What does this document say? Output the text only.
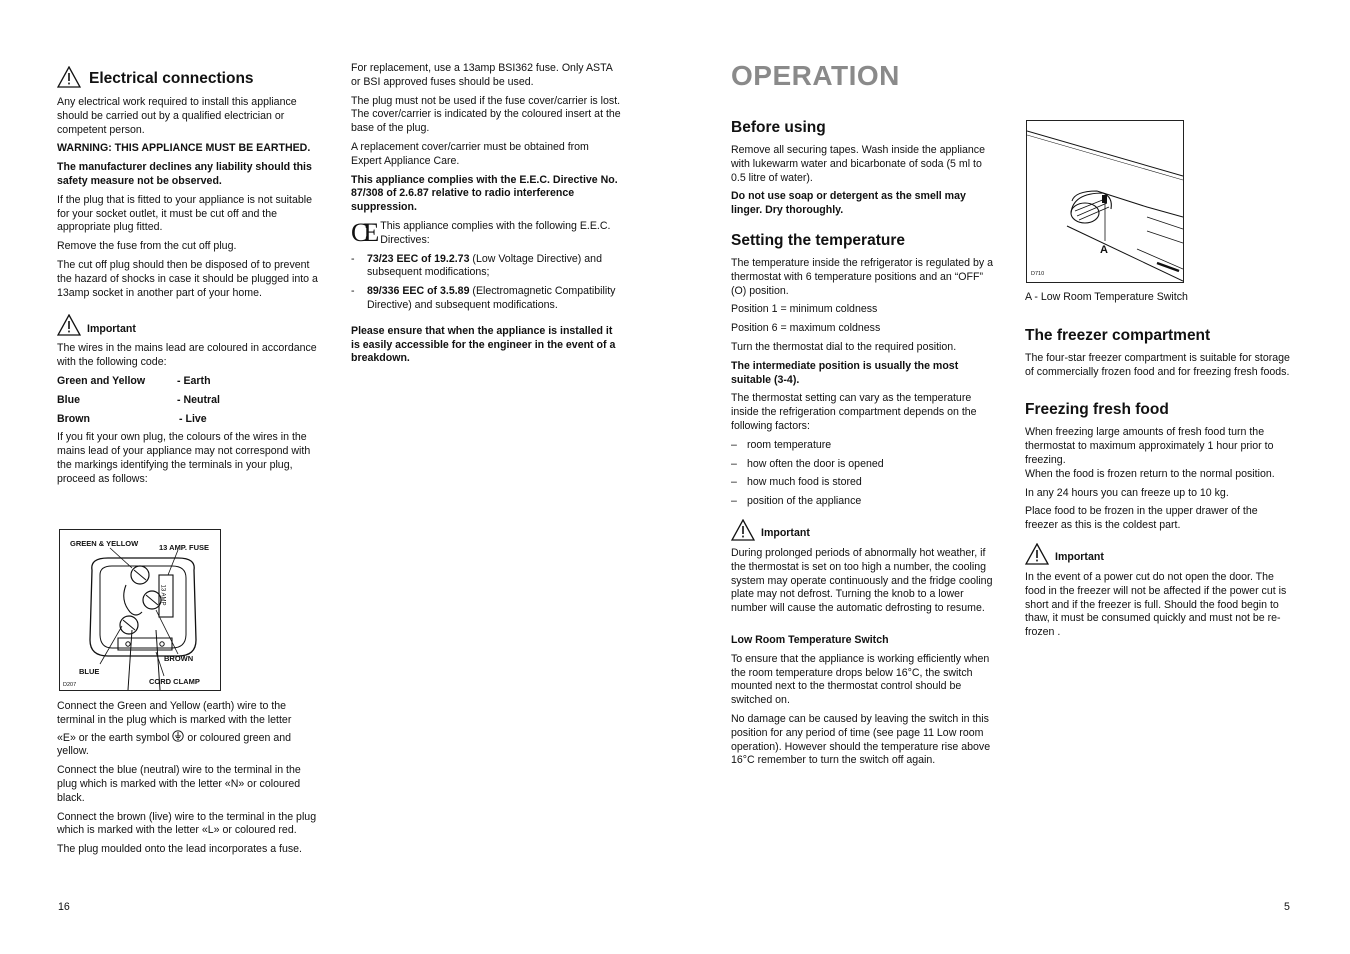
Electrical connections

Any electrical work required to install this appliance should be carried out by a qualified electrician or competent person.

WARNING: THIS APPLIANCE MUST BE EARTHED.

The manufacturer declines any liability should this safety measure not be observed.

If the plug that is fitted to your appliance is not suitable for your socket outlet, it must be cut off and the appropriate plug fitted.

Remove the fuse from the cut off plug.

The cut off plug should then be disposed of to prevent the hazard of shocks in case it should be plugged into a 13amp socket in another part of your home.

Important

The wires in the mains lead are coloured in accordance with the following code:

Green and Yellow	- Earth
Blue	- Neutral
Brown	- Live

If you fit your own plug, the colours of the wires in the mains lead of your appliance may not correspond with the markings identifying the terminals in your plug, proceed as follows:

GREEN & YELLOW	13 AMP. FUSE
13 AMP
BLUE
BROWN
CORD CLAMP
D207

Connect the Green and Yellow (earth) wire to the terminal in the plug which is marked with the letter

«E» or the earth symbol or coloured green and yellow.

Connect the blue (neutral) wire to the terminal in the plug which is marked with the letter «N» or coloured black.

Connect the brown (live) wire to the terminal in the plug which is marked with the letter «L» or coloured red.

The plug moulded onto the lead incorporates a fuse.

For replacement, use a 13amp BSI362 fuse. Only ASTA or BSI approved fuses should be used.

The plug must not be used if the fuse cover/carrier is lost. The cover/carrier is indicated by the coloured insert at the base of the plug.

A replacement cover/carrier must be obtained from Expert Appliance Care.

This appliance complies with the E.E.C. Directive No. 87/308 of 2.6.87 relative to radio interference suppression.

CE This appliance complies with the following E.E.C. Directives:
-	73/23 EEC of 19.2.73 (Low Voltage Directive) and subsequent modifications;
-	89/336 EEC of 3.5.89 (Electromagnetic Compatibility Directive) and subsequent modifications.

Please ensure that when the appliance is installed it is easily accessible for the engineer in the event of a breakdown.

16
OPERATION
Before using

Remove all securing tapes. Wash inside the appliance with lukewarm water and bicarbonate of soda (5 ml to 0.5 litre of water).

Do not use soap or detergent as the smell may linger. Dry thoroughly.

Setting the temperature

The temperature inside the refrigerator is regulated by a thermostat with 6 temperature positions and an “OFF” (O) position.

Position 1 = minimum coldness

Position 6 = maximum coldness

Turn the thermostat dial to the required position.

The intermediate position is usually the most suitable (3-4).

The thermostat setting can vary as the temperature inside the refrigeration compartment depends on the following factors:

– room temperature
– how often the door is opened
– how much food is stored
– position of the appliance
Important

During prolonged periods of abnormally hot weather, if the thermostat is set on too high a number, the cooling system may operate continuously and the fridge cooling plate may not defrost. Turning the knob to a lower number will cause the automatic defrosting to resume.

Low Room Temperature Switch

To ensure that the appliance is working efficiently when the room temperature drops below 16°C, the switch mounted next to the thermostat control should be switched on.

No damage can be caused by leaving the switch in this position for any period of time (see page 11 Low room operation). However should the temperature rise above 16°C remember to turn the switch off again.

A
D710

A - Low Room Temperature Switch

The freezer compartment

The four-star freezer compartment is suitable for storage of commercially frozen food and for freezing fresh foods.

Freezing fresh food

When freezing large amounts of fresh food turn the thermostat to maximum approximately 1 hour prior to freezing.

When the food is frozen return to the normal position.

In any 24 hours you can freeze up to 10 kg.

Place food to be frozen in the upper drawer of the freezer as this is the coldest part.

Important

In the event of a power cut do not open the door. The food in the freezer will not be affected if the power cut is short and if the freezer is full. Should the food begin to thaw, it must be consumed quickly and must not be re-frozen .

5
